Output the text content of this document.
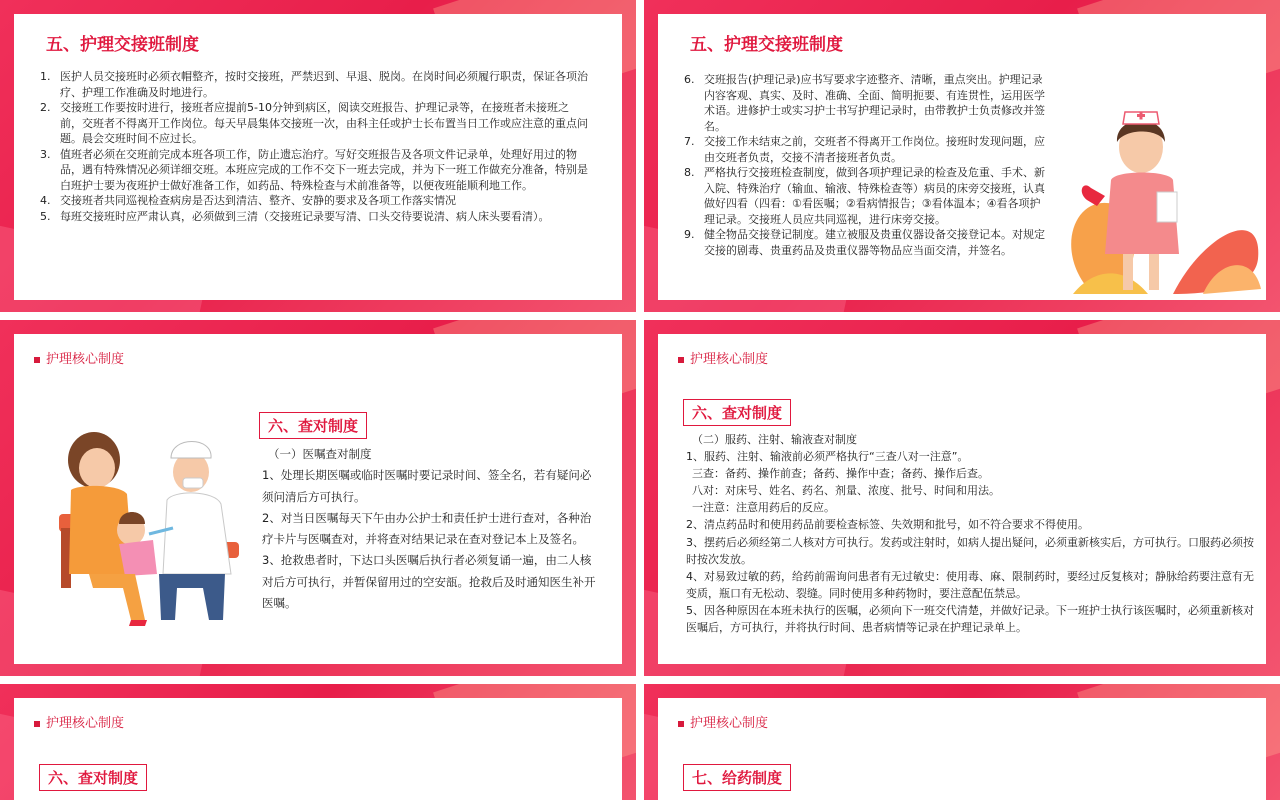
五、护理交接班制度
1. 医护人员交接班时必须衣帽整齐，按时交接班，严禁迟到、早退、脱岗。在岗时间必须履行职责，保证各项治疗、护理工作准确及时地进行。
2. 交接班工作要按时进行，接班者应提前5-10分钟到病区，阅读交班报告、护理记录等，在接班者未接班之前，交班者不得离开工作岗位。每天早晨集体交接班一次，由科主任或护士长布置当日工作或应注意的重点问题。晨会交班时间不应过长。
3. 值班者必须在交班前完成本班各项工作，防止遗忘治疗。写好交班报告及各项文件记录单，处理好用过的物品，遇有特殊情况必须详细交班。本班应完成的工作不交下一班去完成，并为下一班工作做充分准备，特别是白班护士要为夜班护士做好准备工作，如药品、特殊检查与术前准备等，以便夜班能顺利地工作。
4. 交接班者共同巡视检查病房是否达到清洁、整齐、安静的要求及各项工作落实情况
5. 每班交接班时应严肃认真，必须做到三清（交接班记录要写清、口头交待要说清、病人床头要看清）。
五、护理交接班制度
6. 交班报告(护理记录)应书写要求字迹整齐、清晰，重点突出。护理记录内容客观、真实、及时、准确、全面、简明扼要、有连贯性，运用医学术语。进修护士或实习护士书写护理记录时，由带教护士负责修改并签名。
7. 交接工作未结束之前，交班者不得离开工作岗位。接班时发现问题，应由交班者负责，交接不清者接班者负责。
8. 严格执行交接班检查制度，做到各项护理记录的检查及危重、手术、新入院、特殊治疗（输血、输液、特殊检查等）病员的床旁交接班，认真做好四看（四看：①看医嘱；②看病情报告；③看体温本；④看各项护理记录。交接班人员应共同巡视，进行床旁交接。
9. 健全物品交接登记制度。建立被服及贵重仪器设备交接登记本。对规定交接的剧毒、贵重药品及贵重仪器等物品应当面交清，并签名。
护理核心制度
六、查对制度

（一）医嘱查对制度

1、处理长期医嘱或临时医嘱时要记录时间、签全名，若有疑问必须问清后方可执行。

2、对当日医嘱每天下午由办公护士和责任护士进行查对，各种治疗卡片与医嘱查对，并将查对结果记录在查对登记本上及签名。

3、抢救患者时，下达口头医嘱后执行者必须复诵一遍，由二人核对后方可执行，并暂保留用过的空安瓿。抢救后及时通知医生补开医嘱。

护理核心制度
六、查对制度

（二）服药、注射、输液查对制度

1、服药、注射、输液前必须严格执行“三查八对一注意”。

三查：备药、操作前查；备药、操作中查；备药、操作后查。

八对：对床号、姓名、药名、剂量、浓度、批号、时间和用法。

一注意：注意用药后的反应。

2、清点药品时和使用药品前要检查标签、失效期和批号，如不符合要求不得使用。

3、摆药后必须经第二人核对方可执行。发药或注射时，如病人提出疑问，必须重新核实后，方可执行。口服药必须按时按次发放。

4、对易致过敏的药，给药前需询问患者有无过敏史：使用毒、麻、限制药时，要经过反复核对；静脉给药要注意有无变质，瓶口有无松动、裂缝。同时使用多种药物时，要注意配伍禁忌。

5、因各种原因在本班未执行的医嘱，必须向下一班交代清楚，并做好记录。下一班护士执行该医嘱时，必须重新核对医嘱后，方可执行，并将执行时间、患者病情等记录在护理记录单上。

护理核心制度
六、查对制度
护理核心制度
七、给药制度
